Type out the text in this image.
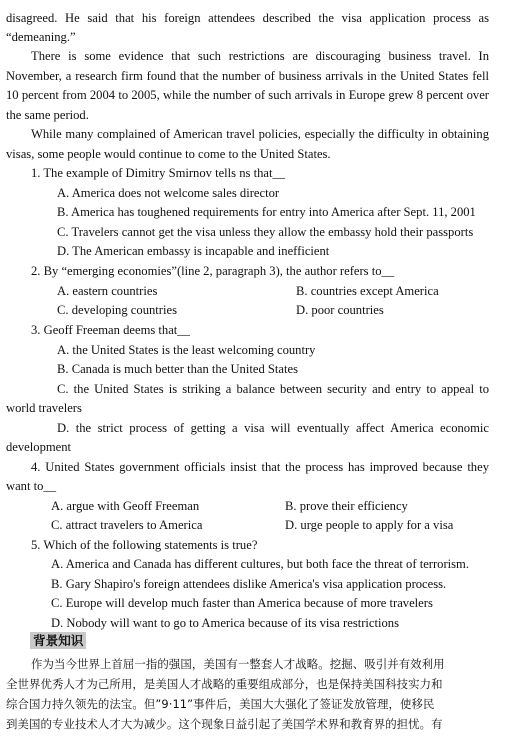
disagreed. He said that his foreign attendees described the visa application process as
“demeaning.”
There is some evidence that such restrictions are discouraging business travel. In
November, a research firm found that the number of business arrivals in the United States fell
10 percent from 2004 to 2005, while the number of such arrivals in Europe grew 8 percent over
the same period.
While many complained of American travel policies, especially the difficulty in obtaining
visas, some people would continue to come to the United States.
1. The example of Dimitry Smirnov tells ns that__
A. America does not welcome sales director
B. America has toughened requirements for entry into America after Sept. 11, 2001
C. Travelers cannot get the visa unless they allow the embassy hold their passports
D. The American embassy is incapable and inefficient
2. By “emerging economies”(line 2, paragraph 3), the author refers to__
A. eastern countries	B. countries except America
C. developing countries	D. poor countries
3. Geoff Freeman deems that__
A. the United States is the least welcoming country
B. Canada is much better than the United States
C. the United States is striking a balance between security and entry to appeal to
world travelers
D. the strict process of getting a visa will eventually affect America economic
development
4. United States government officials insist that the process has improved because they
want to__
A. argue with Geoff Freeman	B. prove their efficiency
C. attract travelers to America	D. urge people to apply for a visa
5. Which of the following statements is true?
A. America and Canada has different cultures, but both face the threat of terrorism.
B. Gary Shapiro's foreign attendees dislike America's visa application process.
C. Europe will develop much faster than America because of more travelers
D. Nobody will want to go to America because of its visa restrictions
背景知识
作为当今世界上首屈一指的强国，美国有一整套人才战略。挖掘、吸引并有效利用
全世界优秀人才为己所用，是美国人才战略的重要组成部分，也是保持美国科技实力和
综合国力持久领先的法宝。但”9·11”事件后，美国大大强化了签证发放管理，使移民
到美国的专业技术人才大为减少。这个现象日益引起了美国学术界和教育界的担忧。有
